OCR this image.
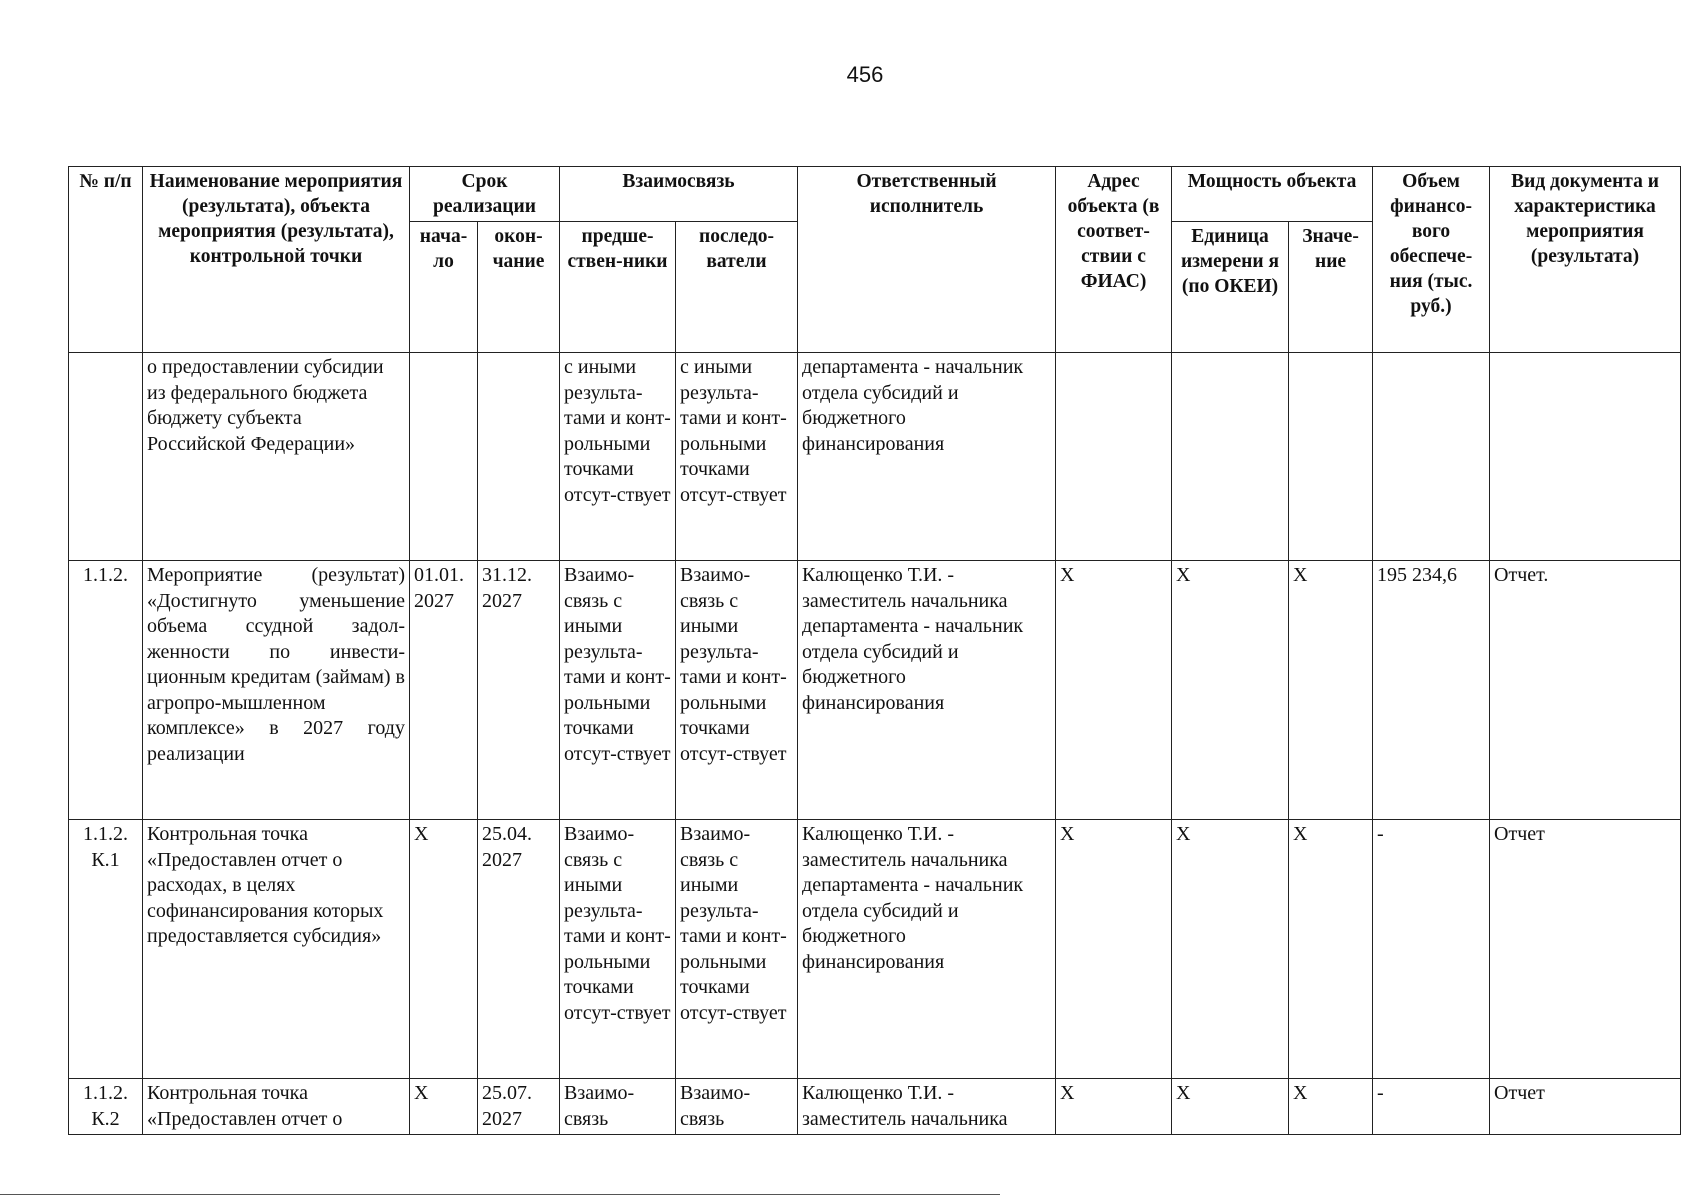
456
№ п/п	Наименование мероприятия (результата), объекта мероприятия (результата), контрольной точки	Срок реализации		Взаимосвязь		Ответственный исполнитель	Адрес объекта (в соответ-ствии с ФИАС)	Мощность объекта		Объем финансо-вого обеспече-ния (тыс. руб.)	Вид документа и характеристика мероприятия (результата)
		нача-ло	окон-чание	предше-ствен-ники	последо-ватели			Единица измерени я (по ОКЕИ)	Значе-ние		
	о предоставлении субсидии из федерального бюджета бюджету субъекта Российской Федерации»			с иными результа-тами и конт-рольными точками отсут-ствует	с иными результа-тами и конт-рольными точками отсут-ствует	департамента - начальник отдела субсидий и бюджетного финансирования					
1.1.2.	Мероприятие (результат) «Достигнуто уменьшение объема ссудной задол-женности по инвести-ционным кредитам (займам) в агропро-мышленном комплексе» в 2027 году реализации	01.01. 2027	31.12. 2027	Взаимо-связь с иными результа-тами и конт-рольными точками отсут-ствует	Взаимо-связь с иными результа-тами и конт-рольными точками отсут-ствует	Калющенко Т.И. - заместитель начальника департамента - начальник отдела субсидий и бюджетного финансирования	X	X	X	195 234,6	Отчет.
1.1.2. К.1	Контрольная точка «Предоставлен отчет о расходах, в целях софинансирования которых предоставляется субсидия»	X	25.04. 2027	Взаимо-связь с иными результа-тами и конт-рольными точками отсут-ствует	Взаимо-связь с иными результа-тами и конт-рольными точками отсут-ствует	Калющенко Т.И. - заместитель начальника департамента - начальник отдела субсидий и бюджетного финансирования	X	X	X	-	Отчет
1.1.2. К.2	Контрольная точка «Предоставлен отчет о	X	25.07. 2027	Взаимо-связь	Взаимо-связь	Калющенко Т.И. - заместитель начальника	X	X	X	-	Отчет
